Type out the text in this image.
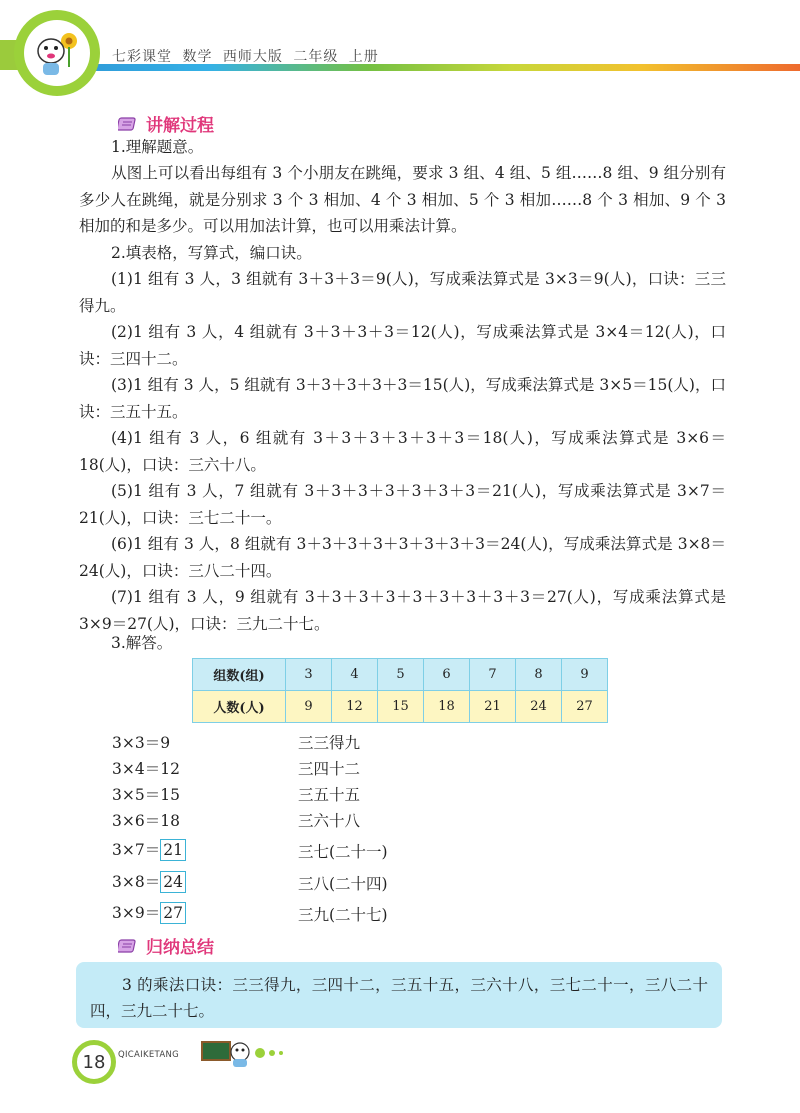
七彩课堂 数学 西师大版 二年级 上册
讲解过程
1.理解题意。
从图上可以看出每组有 3 个小朋友在跳绳，要求 3 组、4 组、5 组……8 组、9 组分别有多少人在跳绳，就是分别求 3 个 3 相加、4 个 3 相加、5 个 3 相加……8 个 3 相加、9 个 3相加的和是多少。可以用加法计算，也可以用乘法计算。
2.填表格，写算式，编口诀。
(1)1 组有 3 人，3 组就有 3＋3＋3＝9(人)，写成乘法算式是 3×3＝9(人)，口诀：三三得九。
(2)1 组有 3 人，4 组就有 3＋3＋3＋3＝12(人)，写成乘法算式是 3×4＝12(人)，口诀：三四十二。
(3)1 组有 3 人，5 组就有 3＋3＋3＋3＋3＝15(人)，写成乘法算式是 3×5＝15(人)，口诀：三五十五。
(4)1 组有 3 人，6 组就有 3＋3＋3＋3＋3＋3＝18(人)，写成乘法算式是 3×6＝18(人)，口诀：三六十八。
(5)1 组有 3 人，7 组就有 3＋3＋3＋3＋3＋3＋3＝21(人)，写成乘法算式是 3×7＝21(人)，口诀：三七二十一。
(6)1 组有 3 人，8 组就有 3＋3＋3＋3＋3＋3＋3＋3＝24(人)，写成乘法算式是 3×8＝24(人)，口诀：三八二十四。
(7)1 组有 3 人，9 组就有 3＋3＋3＋3＋3＋3＋3＋3＋3＝27(人)，写成乘法算式是 3×9＝27(人)，口诀：三九二十七。
3.解答。
组数(组)	3	4	5	6	7	8	9
人数(人)	9	12	15	18	21	24	27
3×3＝9	三三得九
3×4＝12	三四十二
3×5＝15	三五十五
3×6＝18	三六十八
3×7＝ 21	三七(二十一)
3×8＝ 24	三八(二十四)
3×9＝ 27	三九(二十七)
归纳总结
3 的乘法口诀：三三得九，三四十二，三五十五，三六十八，三七二十一，三八二十四，三九二十七。
18	QICAIKETANG
